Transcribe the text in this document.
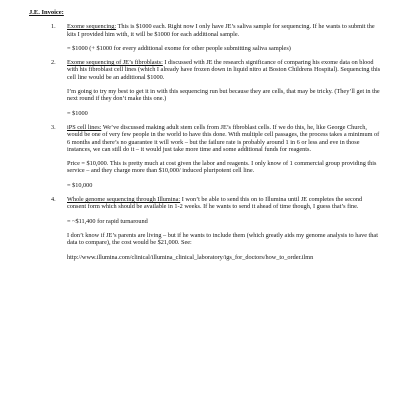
J.E. Invoice:
1. Exome sequencing: This is $1000 each. Right now I only have JE’s saliva sample for sequencing. If he wants to submit the kits I provided him with, it will be $1000 for each additional sample.

= $1000 (+ $1000 for every additional exome for other people submitting saliva samples)

2. Exome sequencing of JE’s fibroblasts: I discussed with JE the research significance of comparing his exome data on blood with his fibroblast cell lines (which I already have frozen down in liquid nitro at Boston Childrens Hospital). Sequencing this cell line would be an additional $1000.

I’m going to try my best to get it in with this sequencing run but because they are cells, that may be tricky. (They’ll get in the next round if they don’t make this one.)

= $1000

3. iPS cell lines: We’ve discussed making adult stem cells from JE’s fibroblast cells. If we do this, he, like George Church, would be one of very few people in the world to have this done. With multiple cell passages, the process takes a minimum of 6 months and there’s no guarantee it will work – but the failure rate is probably around 1 in 6 or less and eve in those instances, we can still do it – it would just take more time and some additional funds for reagents.

Price = $10,000. This is pretty much at cost given the labor and reagents. I only know of 1 commercial group providing this service – and they charge more than $10,000/ induced pluripotent cell line.

= $10,000

4. Whole genome sequencing through Illumina: I won’t be able to send this on to Illumina until JE completes the second consent form which should be available in 1-2 weeks. If he wants to send it ahead of time though, I guess that’s fine.

= ~$11,400 for rapid turnaround

I don’t know if JE’s parents are living – but if he wants to include them (which greatly aids my genome analysis to have that data to compare), the cost would be $21,000. See:

http://www.illumina.com/clinical/illumina_clinical_laboratory/igs_for_doctors/how_to_order.ilmn
